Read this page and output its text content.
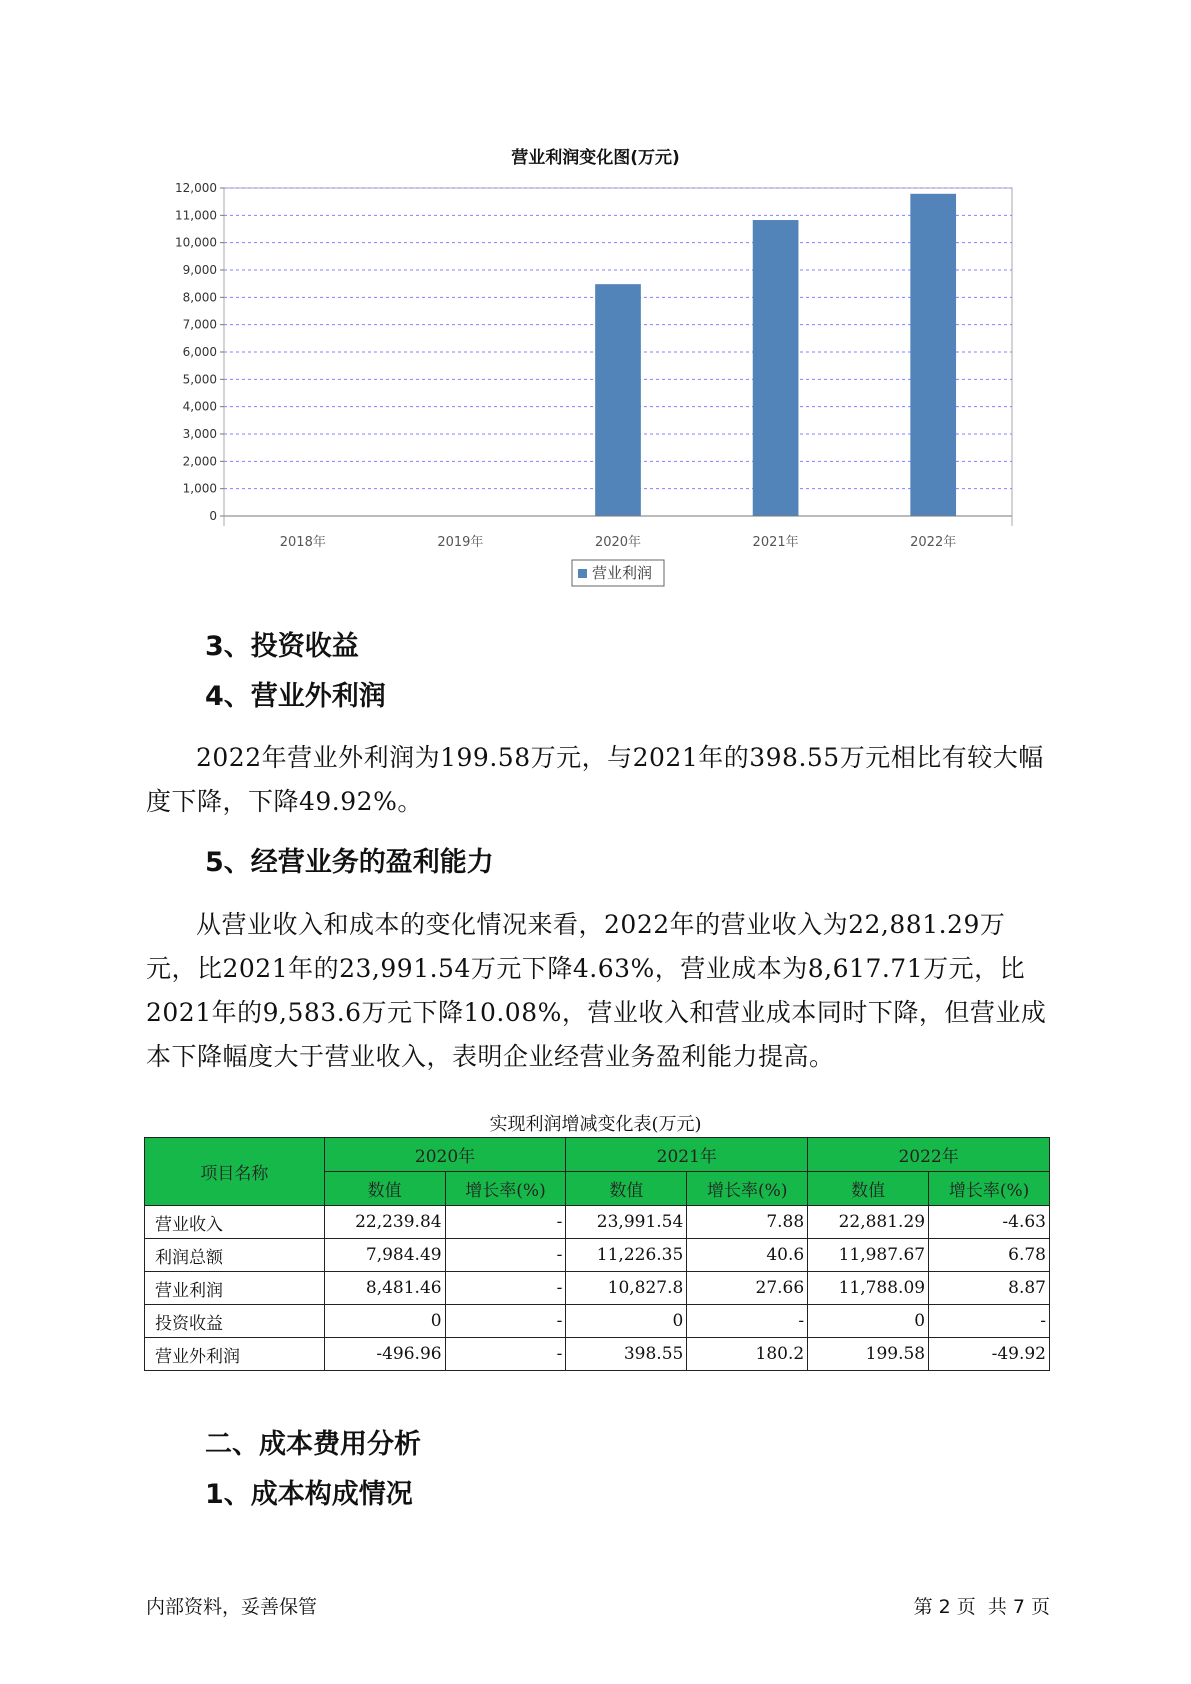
营业利润变化图(万元)
0
1,000
2,000
3,000
4,000
5,000
6,000
7,000
8,000
9,000
10,000
11,000
12,000
2018年	2019年	2020年	2021年	2022年
营业利润
3、投资收益
4、营业外利润
2022年营业外利润为199.58万元，与2021年的398.55万元相比有较大幅度下降，下降49.92%。
5、经营业务的盈利能力
从营业收入和成本的变化情况来看，2022年的营业收入为22,881.29万元，比2021年的23,991.54万元下降4.63%，营业成本为8,617.71万元，比2021年的9,583.6万元下降10.08%，营业收入和营业成本同时下降，但营业成本下降幅度大于营业收入，表明企业经营业务盈利能力提高。
实现利润增减变化表(万元)
项目名称	2020年		2021年		2022年	
	数值	增长率(%)	数值	增长率(%)	数值	增长率(%)
营业收入	22,239.84	-	23,991.54	7.88	22,881.29	-4.63
利润总额	7,984.49	-	11,226.35	40.6	11,987.67	6.78
营业利润	8,481.46	-	10,827.8	27.66	11,788.09	8.87
投资收益	0	-	0	-	0	-
营业外利润	-496.96	-	398.55	180.2	199.58	-49.92
二、成本费用分析
1、成本构成情况
内部资料，妥善保管	第 2 页  共 7 页
